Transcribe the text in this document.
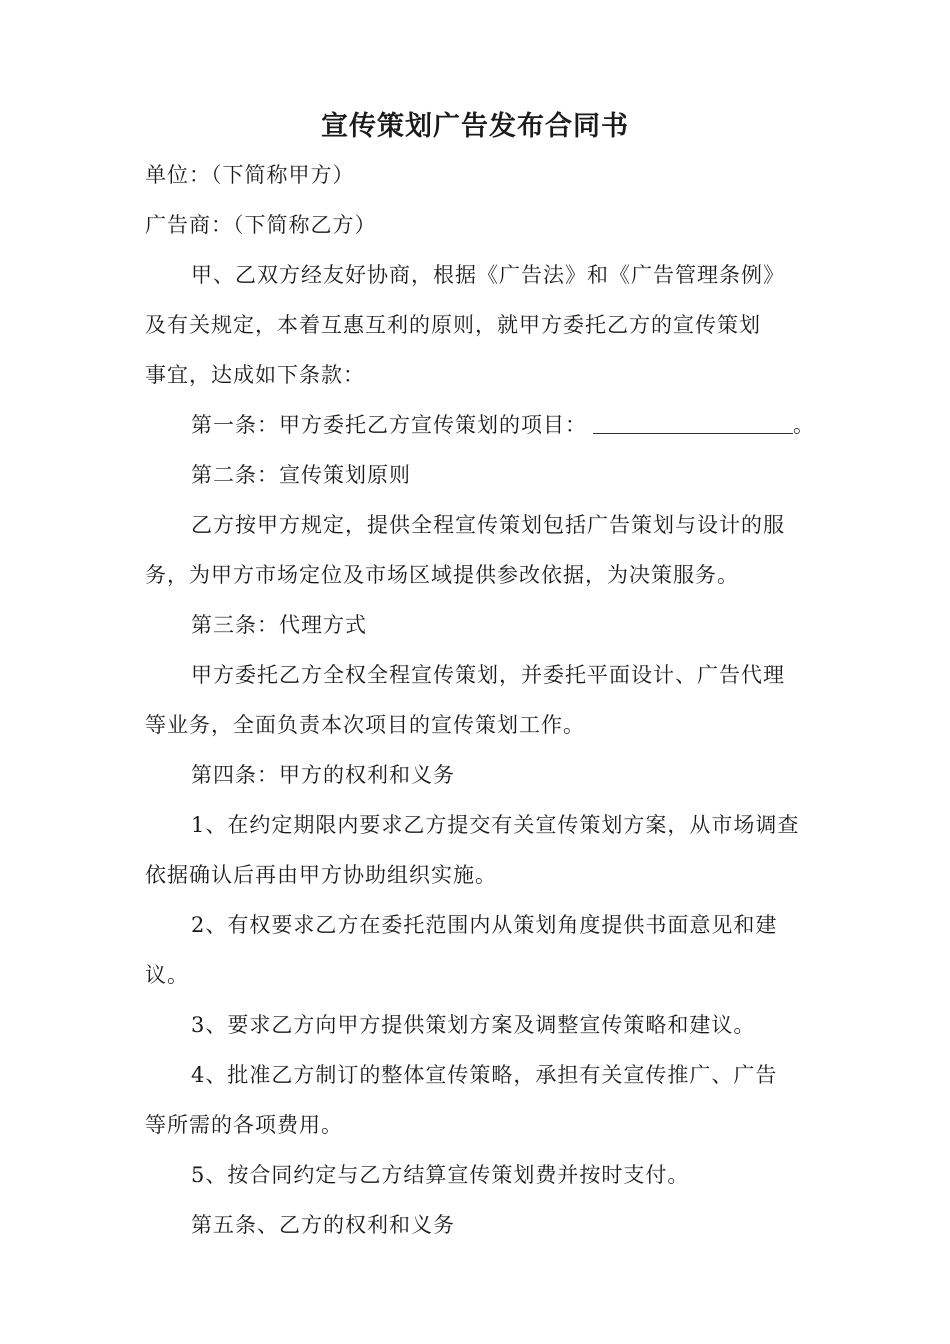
宣传策划广告发布合同书
单位：（下简称甲方）
广告商：（下简称乙方）
甲、乙双方经友好协商，根据《广告法》和《广告管理条例》
及有关规定，本着互惠互利的原则，就甲方委托乙方的宣传策划
事宜，达成如下条款：
第一条：甲方委托乙方宣传策划的项目：	。
第二条：宣传策划原则
乙方按甲方规定，提供全程宣传策划包括广告策划与设计的服
务，为甲方市场定位及市场区域提供参改依据，为决策服务。
第三条：代理方式
甲方委托乙方全权全程宣传策划，并委托平面设计、广告代理
等业务，全面负责本次项目的宣传策划工作。
第四条：甲方的权利和义务
1、在约定期限内要求乙方提交有关宣传策划方案，从市场调查
依据确认后再由甲方协助组织实施。
2、有权要求乙方在委托范围内从策划角度提供书面意见和建
议。
3、要求乙方向甲方提供策划方案及调整宣传策略和建议。
4、批准乙方制订的整体宣传策略，承担有关宣传推广、广告
等所需的各项费用。
5、按合同约定与乙方结算宣传策划费并按时支付。
第五条、乙方的权利和义务
